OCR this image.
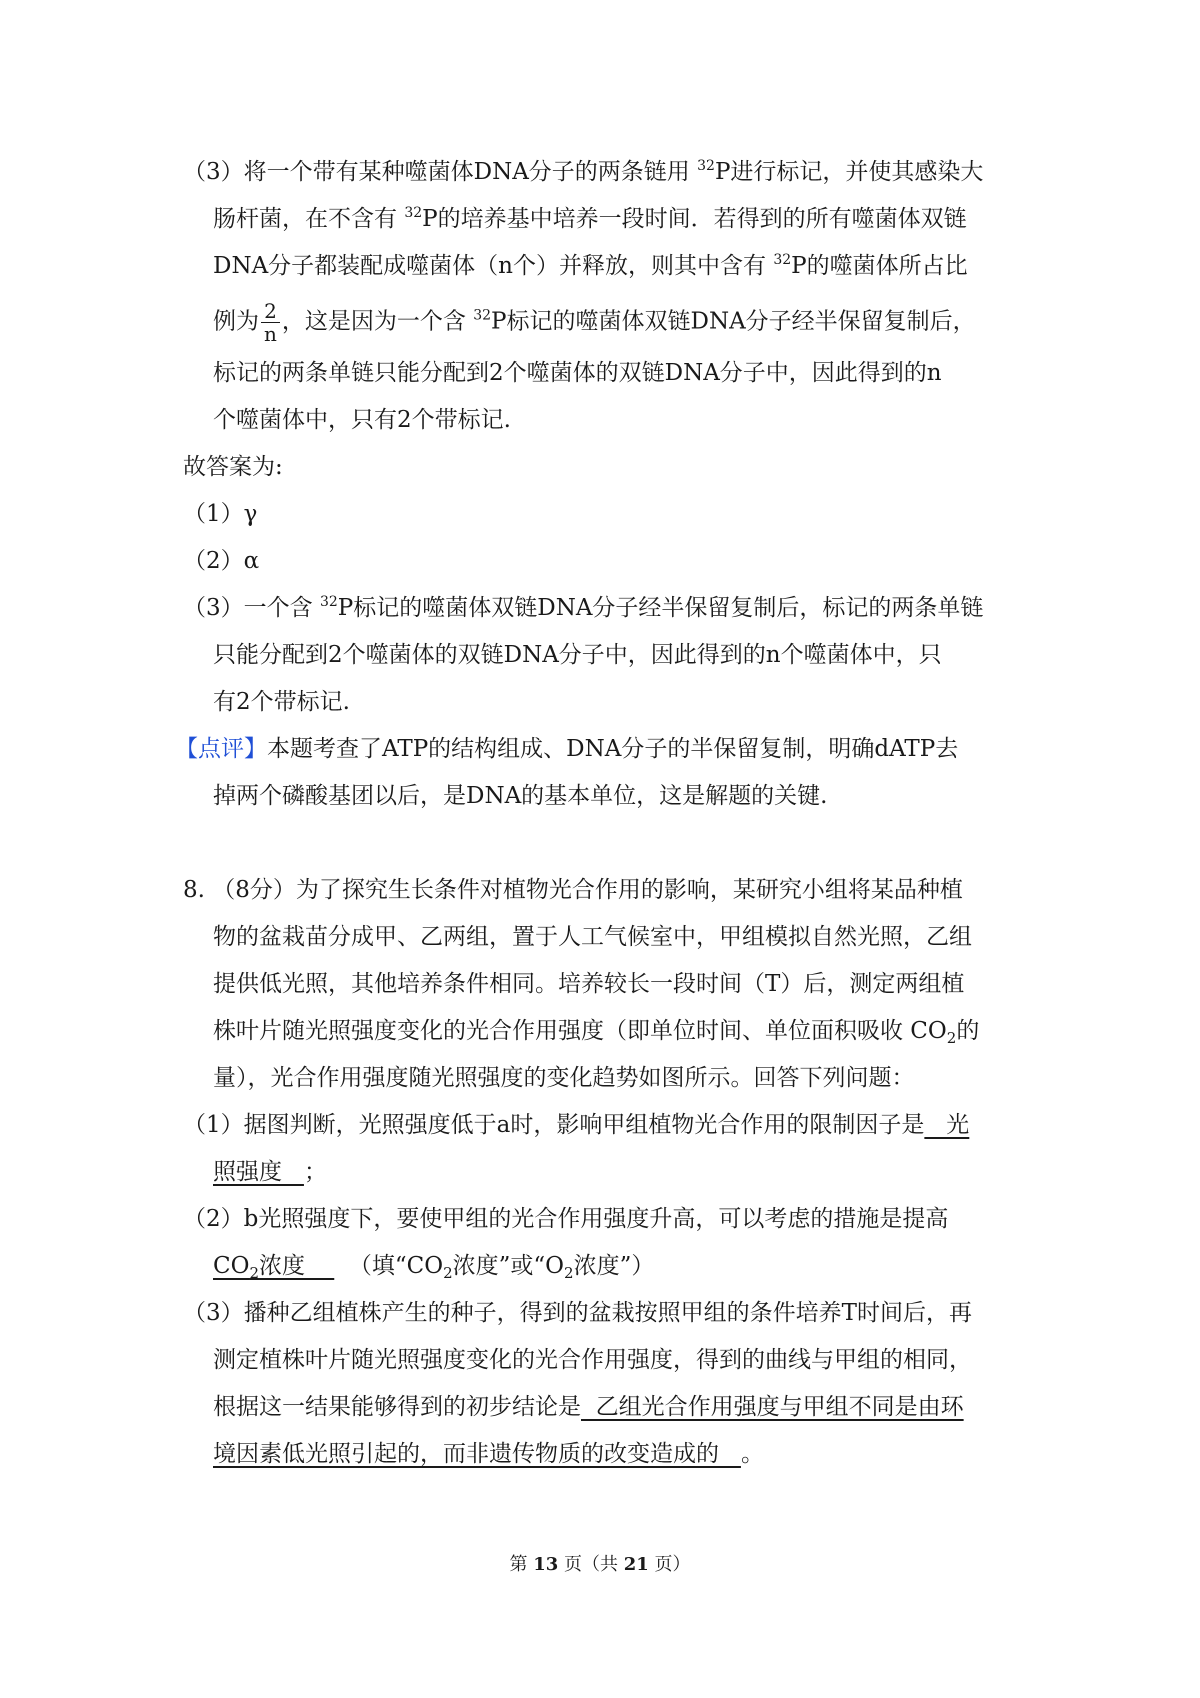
（3）将一个带有某种噬菌体DNA分子的两条链用 $^{32}$P进行标记，并使其感染大
肠杆菌，在不含有 $^{32}$P的培养基中培养一段时间．若得到的所有噬菌体双链
DNA分子都装配成噬菌体（n个）并释放，则其中含有 $^{32}$P的噬菌体所占比
例为 $\frac{2}{n}$ ，这是因为一个含 $^{32}$P标记的噬菌体双链DNA分子经半保留复制后，
标记的两条单链只能分配到2个噬菌体的双链DNA分子中，因此得到的n
个噬菌体中，只有2个带标记.
故答案为:
（1）γ
（2）α
（3）一个含 $^{32}$P标记的噬菌体双链DNA分子经半保留复制后，标记的两条单链
只能分配到2个噬菌体的双链DNA分子中，因此得到的n个噬菌体中，只
有2个带标记.
【点评】本题考查了ATP的结构组成、DNA分子的半保留复制，明确dATP去
掉两个磷酸基团以后，是DNA的基本单位，这是解题的关键.
8. （8分）为了探究生长条件对植物光合作用的影响，某研究小组将某品种植
物的盆栽苗分成甲、乙两组，置于人工气候室中，甲组模拟自然光照，乙组
提供低光照，其他培养条件相同。培养较长一段时间（T）后，测定两组植
株叶片随光照强度变化的光合作用强度（即单位时间、单位面积吸收 $CO_2$的
量），光合作用强度随光照强度的变化趋势如图所示。回答下列问题：
（1）据图判断，光照强度低于a时，影响甲组植物光合作用的限制因子是   光
照强度   ；
（2）b光照强度下，要使甲组的光合作用强度升高，可以考虑的措施是提高
$CO_2$浓度      （填“$CO_2$浓度”或“$O_2$浓度”）
（3）播种乙组植株产生的种子，得到的盆栽按照甲组的条件培养T时间后，再
测定植株叶片随光照强度变化的光合作用强度，得到的曲线与甲组的相同，
根据这一结果能够得到的初步结论是  乙组光合作用强度与甲组不同是由环
境因素低光照引起的，而非遗传物质的改变造成的   。
第 13 页（共 21 页）
